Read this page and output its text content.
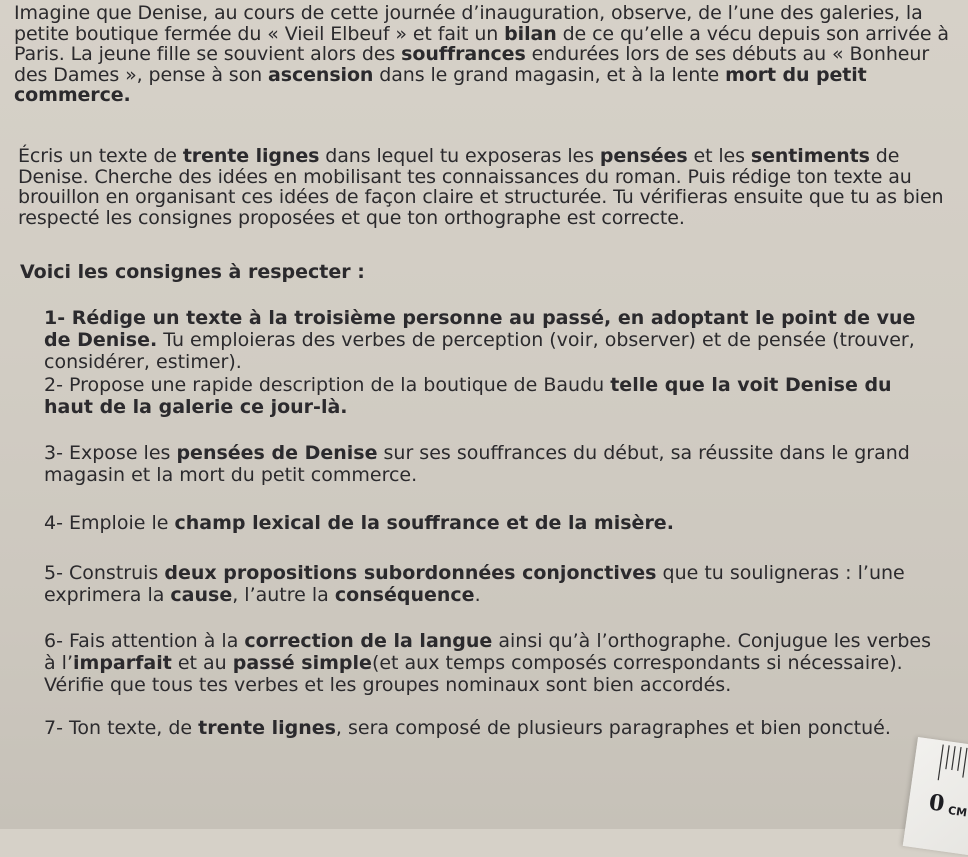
Imagine que Denise, au cours de cette journée d’inauguration, observe, de l’une des galeries, la petite boutique fermée du « Vieil Elbeuf » et fait un bilan de ce qu’elle a vécu depuis son arrivée à Paris. La jeune fille se souvient alors des souffrances endurées lors de ses débuts au « Bonheur des Dames », pense à son ascension dans le grand magasin, et à la lente mort du petit commerce.
Écris un texte de trente lignes dans lequel tu exposeras les pensées et les sentiments de Denise. Cherche des idées en mobilisant tes connaissances du roman. Puis rédige ton texte au brouillon en organisant ces idées de façon claire et structurée. Tu vérifieras ensuite que tu as bien respecté les consignes proposées et que ton orthographe est correcte.
Voici les consignes à respecter :
1- Rédige un texte à la troisième personne au passé, en adoptant le point de vue de Denise. Tu emploieras des verbes de perception (voir, observer) et de pensée (trouver, considérer, estimer).
2- Propose une rapide description de la boutique de Baudu telle que la voit Denise du haut de la galerie ce jour-là.
3- Expose les pensées de Denise sur ses souffrances du début, sa réussite dans le grand magasin et la mort du petit commerce.
4- Emploie le champ lexical de la souffrance et de la misère.
5- Construis deux propositions subordonnées conjonctives que tu souligneras : l’une exprimera la cause, l’autre la conséquence.
6- Fais attention à la correction de la langue ainsi qu’à l’orthographe. Conjugue les verbes à l’imparfait et au passé simple(et aux temps composés correspondants si nécessaire). Vérifie que tous tes verbes et les groupes nominaux sont bien accordés.
7- Ton texte, de trente lignes, sera composé de plusieurs paragraphes et bien ponctué.
0 CM
